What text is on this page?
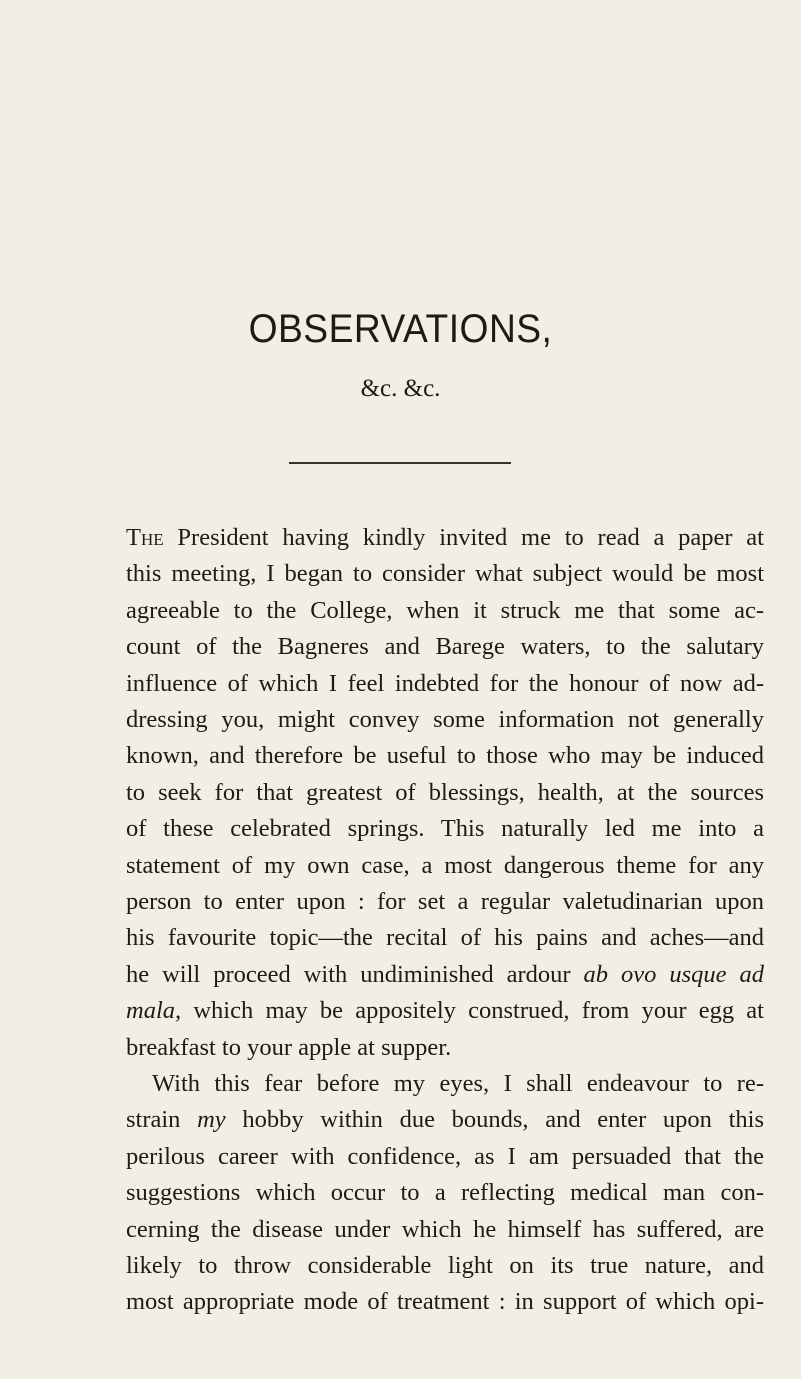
OBSERVATIONS,
&c. &c.
The President having kindly invited me to read a paper at
this meeting, I began to consider what subject would be most
agreeable to the College, when it struck me that some ac-
count of the Bagneres and Barege waters, to the salutary
influence of which I feel indebted for the honour of now ad-
dressing you, might convey some information not generally
known, and therefore be useful to those who may be induced
to seek for that greatest of blessings, health, at the sources
of these celebrated springs. This naturally led me into a
statement of my own case, a most dangerous theme for any
person to enter upon : for set a regular valetudinarian upon
his favourite topic—the recital of his pains and aches—and
he will proceed with undiminished ardour ab ovo usque ad
mala, which may be appositely construed, from your egg at
breakfast to your apple at supper.
With this fear before my eyes, I shall endeavour to re-
strain my hobby within due bounds, and enter upon this
perilous career with confidence, as I am persuaded that the
suggestions which occur to a reflecting medical man con-
cerning the disease under which he himself has suffered, are
likely to throw considerable light on its true nature, and
most appropriate mode of treatment : in support of which opi-
